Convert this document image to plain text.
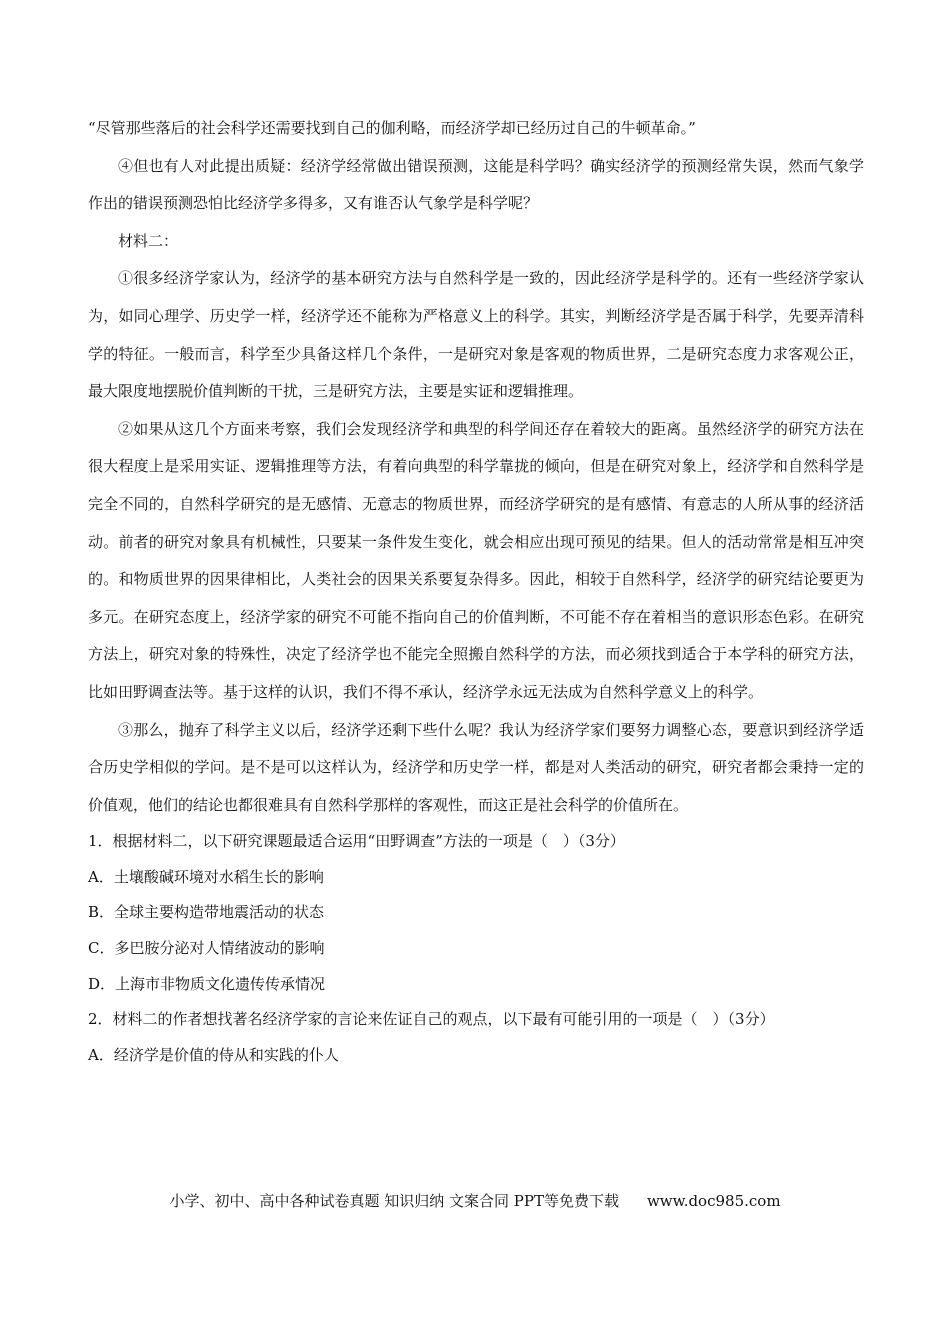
“尽管那些落后的社会科学还需要找到自己的伽利略，而经济学却已经历过自己的牛顿革命。”

④但也有人对此提出质疑：经济学经常做出错误预测，这能是科学吗？确实经济学的预测经常失误，然而气象学作出的错误预测恐怕比经济学多得多，又有谁否认气象学是科学呢？

材料二：

①很多经济学家认为，经济学的基本研究方法与自然科学是一致的，因此经济学是科学的。还有一些经济学家认为，如同心理学、历史学一样，经济学还不能称为严格意义上的科学。其实，判断经济学是否属于科学，先要弄清科学的特征。一般而言，科学至少具备这样几个条件，一是研究对象是客观的物质世界，二是研究态度力求客观公正，最大限度地摆脱价值判断的干扰，三是研究方法，主要是实证和逻辑推理。

②如果从这几个方面来考察，我们会发现经济学和典型的科学间还存在着较大的距离。虽然经济学的研究方法在很大程度上是采用实证、逻辑推理等方法，有着向典型的科学靠拢的倾向，但是在研究对象上，经济学和自然科学是完全不同的，自然科学研究的是无感情、无意志的物质世界，而经济学研究的是有感情、有意志的人所从事的经济活动。前者的研究对象具有机械性，只要某一条件发生变化，就会相应出现可预见的结果。但人的活动常常是相互冲突的。和物质世界的因果律相比，人类社会的因果关系要复杂得多。因此，相较于自然科学，经济学的研究结论要更为多元。在研究态度上，经济学家的研究不可能不指向自己的价值判断，不可能不存在着相当的意识形态色彩。在研究方法上，研究对象的特殊性，决定了经济学也不能完全照搬自然科学的方法，而必须找到适合于本学科的研究方法，比如田野调查法等。基于这样的认识，我们不得不承认，经济学永远无法成为自然科学意义上的科学。

③那么，抛弃了科学主义以后，经济学还剩下些什么呢？我认为经济学家们要努力调整心态，要意识到经济学适合历史学相似的学问。是不是可以这样认为，经济学和历史学一样，都是对人类活动的研究，研究者都会秉持一定的价值观，他们的结论也都很难具有自然科学那样的客观性，而这正是社会科学的价值所在。

1．根据材料二，以下研究课题最适合运用“田野调查”方法的一项是（　）（3分）

A．土壤酸碱环境对水稻生长的影响

B．全球主要构造带地震活动的状态

C．多巴胺分泌对人情绪波动的影响

D．上海市非物质文化遗传传承情况

2．材料二的作者想找著名经济学家的言论来佐证自己的观点，以下最有可能引用的一项是（　）（3分）

A．经济学是价值的侍从和实践的仆人

小学、初中、高中各种试卷真题 知识归纳 文案合同 PPT等免费下载 www.doc985.com
